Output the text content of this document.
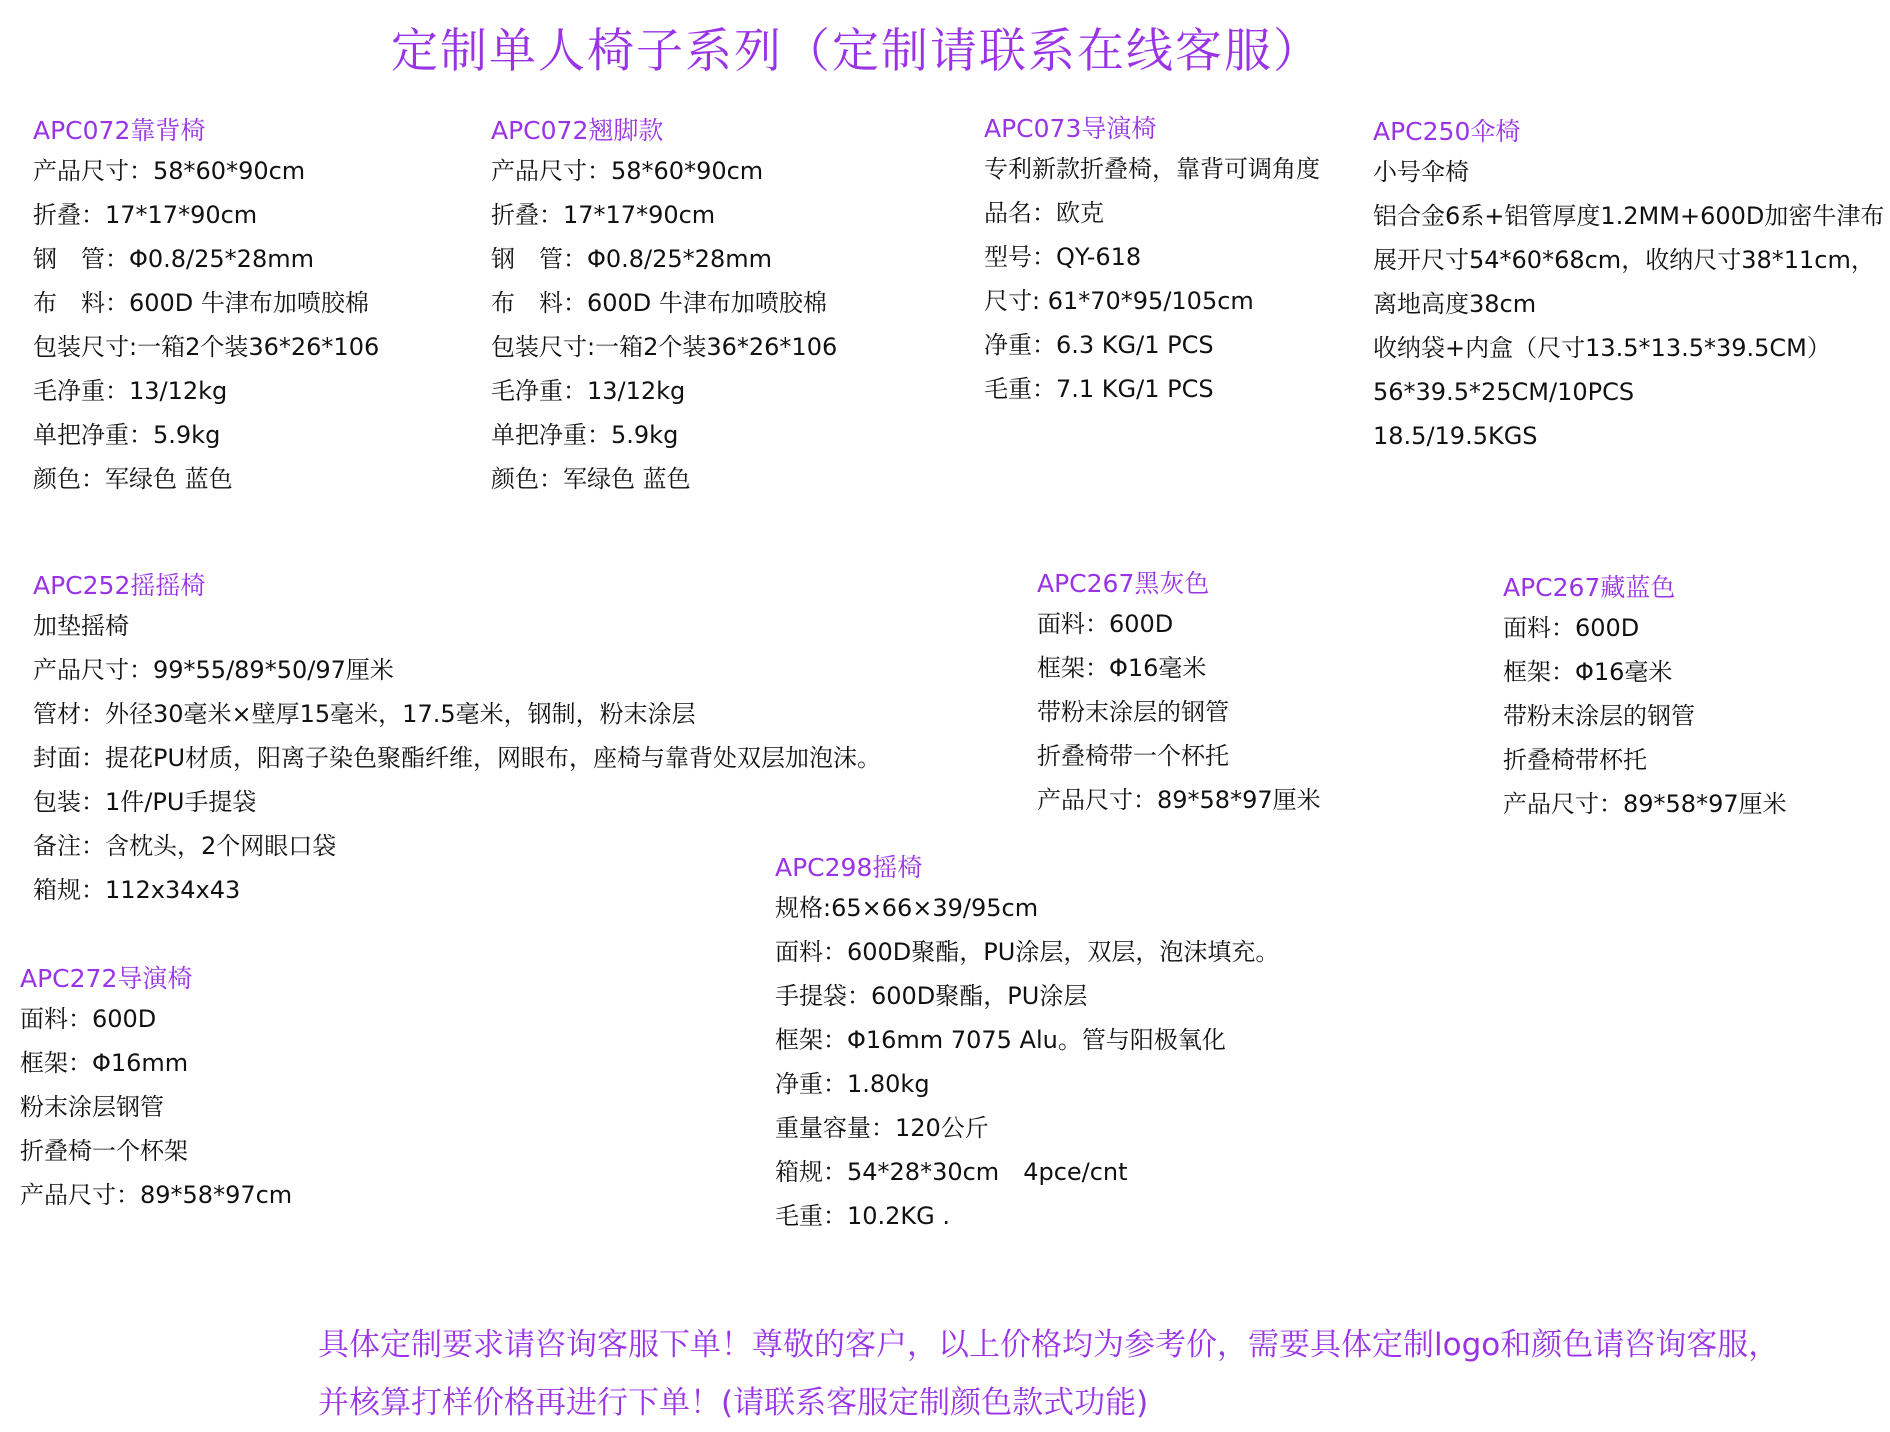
定制单人椅子系列（定制请联系在线客服）
APC072靠背椅
产品尺寸：58*60*90cm
折叠：17*17*90cm
钢　管：Φ0.8/25*28mm
布　料：600D 牛津布加喷胶棉
包装尺寸:一箱2个装36*26*106
毛净重：13/12kg
单把净重：5.9kg
颜色：军绿色 蓝色
APC072翘脚款
产品尺寸：58*60*90cm
折叠：17*17*90cm
钢　管：Φ0.8/25*28mm
布　料：600D 牛津布加喷胶棉
包装尺寸:一箱2个装36*26*106
毛净重：13/12kg
单把净重：5.9kg
颜色：军绿色 蓝色
APC073导演椅
专利新款折叠椅，靠背可调角度
品名：欧克
型号：QY-618
尺寸: 61*70*95/105cm
净重：6.3 KG/1 PCS
毛重：7.1 KG/1 PCS
APC250伞椅
小号伞椅
铝合金6系+铝管厚度1.2MM+600D加密牛津布
展开尺寸54*60*68cm，收纳尺寸38*11cm，
离地高度38cm
收纳袋+内盒（尺寸13.5*13.5*39.5CM）
56*39.5*25CM/10PCS
18.5/19.5KGS
APC252摇摇椅
加垫摇椅
产品尺寸：99*55/89*50/97厘米
管材：外径30毫米×壁厚15毫米，17.5毫米，钢制，粉末涂层
封面：提花PU材质，阳离子染色聚酯纤维，网眼布，座椅与靠背处双层加泡沫。
包装：1件/PU手提袋
备注：含枕头，2个网眼口袋
箱规：112x34x43
APC267黑灰色
面料：600D
框架：Φ16毫米
带粉末涂层的钢管
折叠椅带一个杯托
产品尺寸：89*58*97厘米
APC267藏蓝色
面料：600D
框架：Φ16毫米
带粉末涂层的钢管
折叠椅带杯托
产品尺寸：89*58*97厘米
APC298摇椅
规格:65×66×39/95cm
面料：600D聚酯，PU涂层，双层，泡沫填充。
手提袋：600D聚酯，PU涂层
框架：Φ16mm 7075 Alu。管与阳极氧化
净重：1.80kg
重量容量：120公斤
箱规：54*28*30cm　4pce/cnt
毛重：10.2KG .
APC272导演椅
面料：600D
框架：Φ16mm
粉末涂层钢管
折叠椅一个杯架
产品尺寸：89*58*97cm
具体定制要求请咨询客服下单！尊敬的客户，以上价格均为参考价，需要具体定制logo和颜色请咨询客服，
并核算打样价格再进行下单！(请联系客服定制颜色款式功能)
